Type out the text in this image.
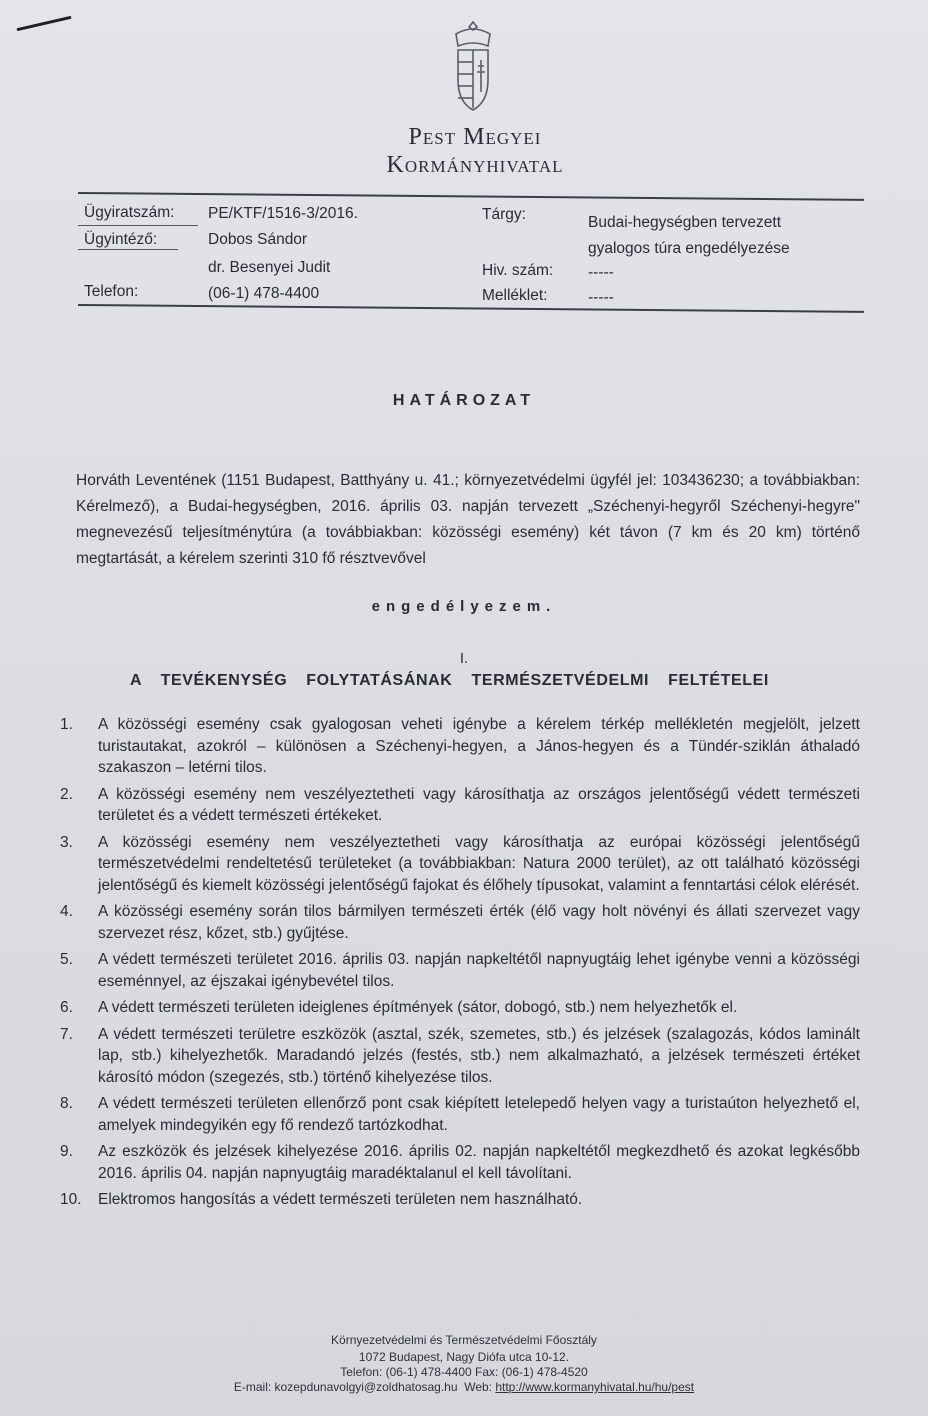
Pest Megyei
Kormányhivatal
Ügyiratszám: PE/KTF/1516-3/2016.
Ügyintéző:	Dobos Sándor
dr. Besenyei Judit
Telefon:	(06-1) 478-4400
Tárgy:	Budai-hegységben tervezett
gyalogos túra engedélyezése
Hiv. szám: -----
Melléklet:	-----
HATÁROZAT

Horváth Leventének (1151 Budapest, Batthyány u. 41.; környezetvédelmi ügyfél jel: 103436230; a továbbiakban: Kérelmező), a Budai-hegységben, 2016. április 03. napján tervezett „Széchenyi-hegyről Széchenyi-hegyre" megnevezésű teljesítménytúra (a továbbiakban: közösségi esemény) két távon (7 km és 20 km) történő megtartását, a kérelem szerinti 310 fő résztvevővel

engedélyezem.
I.
A TEVÉKENYSÉG FOLYTATÁSÁNAK TERMÉSZETVÉDELMI FELTÉTELEI
1.	A közösségi esemény csak gyalogosan veheti igénybe a kérelem térkép mellékletén megjelölt, jelzett turistautakat, azokról – különösen a Széchenyi-hegyen, a János-hegyen és a Tündér-sziklán áthaladó szakaszon – letérni tilos.
2.	A közösségi esemény nem veszélyeztetheti vagy károsíthatja az országos jelentőségű védett természeti területet és a védett természeti értékeket.
3.	A közösségi esemény nem veszélyeztetheti vagy károsíthatja az európai közösségi jelentőségű természetvédelmi rendeltetésű területeket (a továbbiakban: Natura 2000 terület), az ott található közösségi jelentőségű és kiemelt közösségi jelentőségű fajokat és élőhely típusokat, valamint a fenntartási célok elérését.
4.	A közösségi esemény során tilos bármilyen természeti érték (élő vagy holt növényi és állati szervezet vagy szervezet rész, kőzet, stb.) gyűjtése.
5.	A védett természeti területet 2016. április 03. napján napkeltétől napnyugtáig lehet igénybe venni a közösségi eseménnyel, az éjszakai igénybevétel tilos.
6.	A védett természeti területen ideiglenes építmények (sátor, dobogó, stb.) nem helyezhetők el.
7.	A védett természeti területre eszközök (asztal, szék, szemetes, stb.) és jelzések (szalagozás, kódos laminált lap, stb.) kihelyezhetők. Maradandó jelzés (festés, stb.) nem alkalmazható, a jelzések természeti értéket károsító módon (szegezés, stb.) történő kihelyezése tilos.
8.	A védett természeti területen ellenőrző pont csak kiépített letelepedő helyen vagy a turistaúton helyezhető el, amelyek mindegyikén egy fő rendező tartózkodhat.
9.	Az eszközök és jelzések kihelyezése 2016. április 02. napján napkeltétől megkezdhető és azokat legkésőbb 2016. április 04. napján napnyugtáig maradéktalanul el kell távolítani.
10.	Elektromos hangosítás a védett természeti területen nem használható.
Környezetvédelmi és Természetvédelmi Főosztály
1072 Budapest, Nagy Diófa utca 10-12.
Telefon: (06-1) 478-4400 Fax: (06-1) 478-4520
E-mail: kozepdunavolgyi@zoldhatosag.hu Web: http://www.kormanyhivatal.hu/hu/pest
